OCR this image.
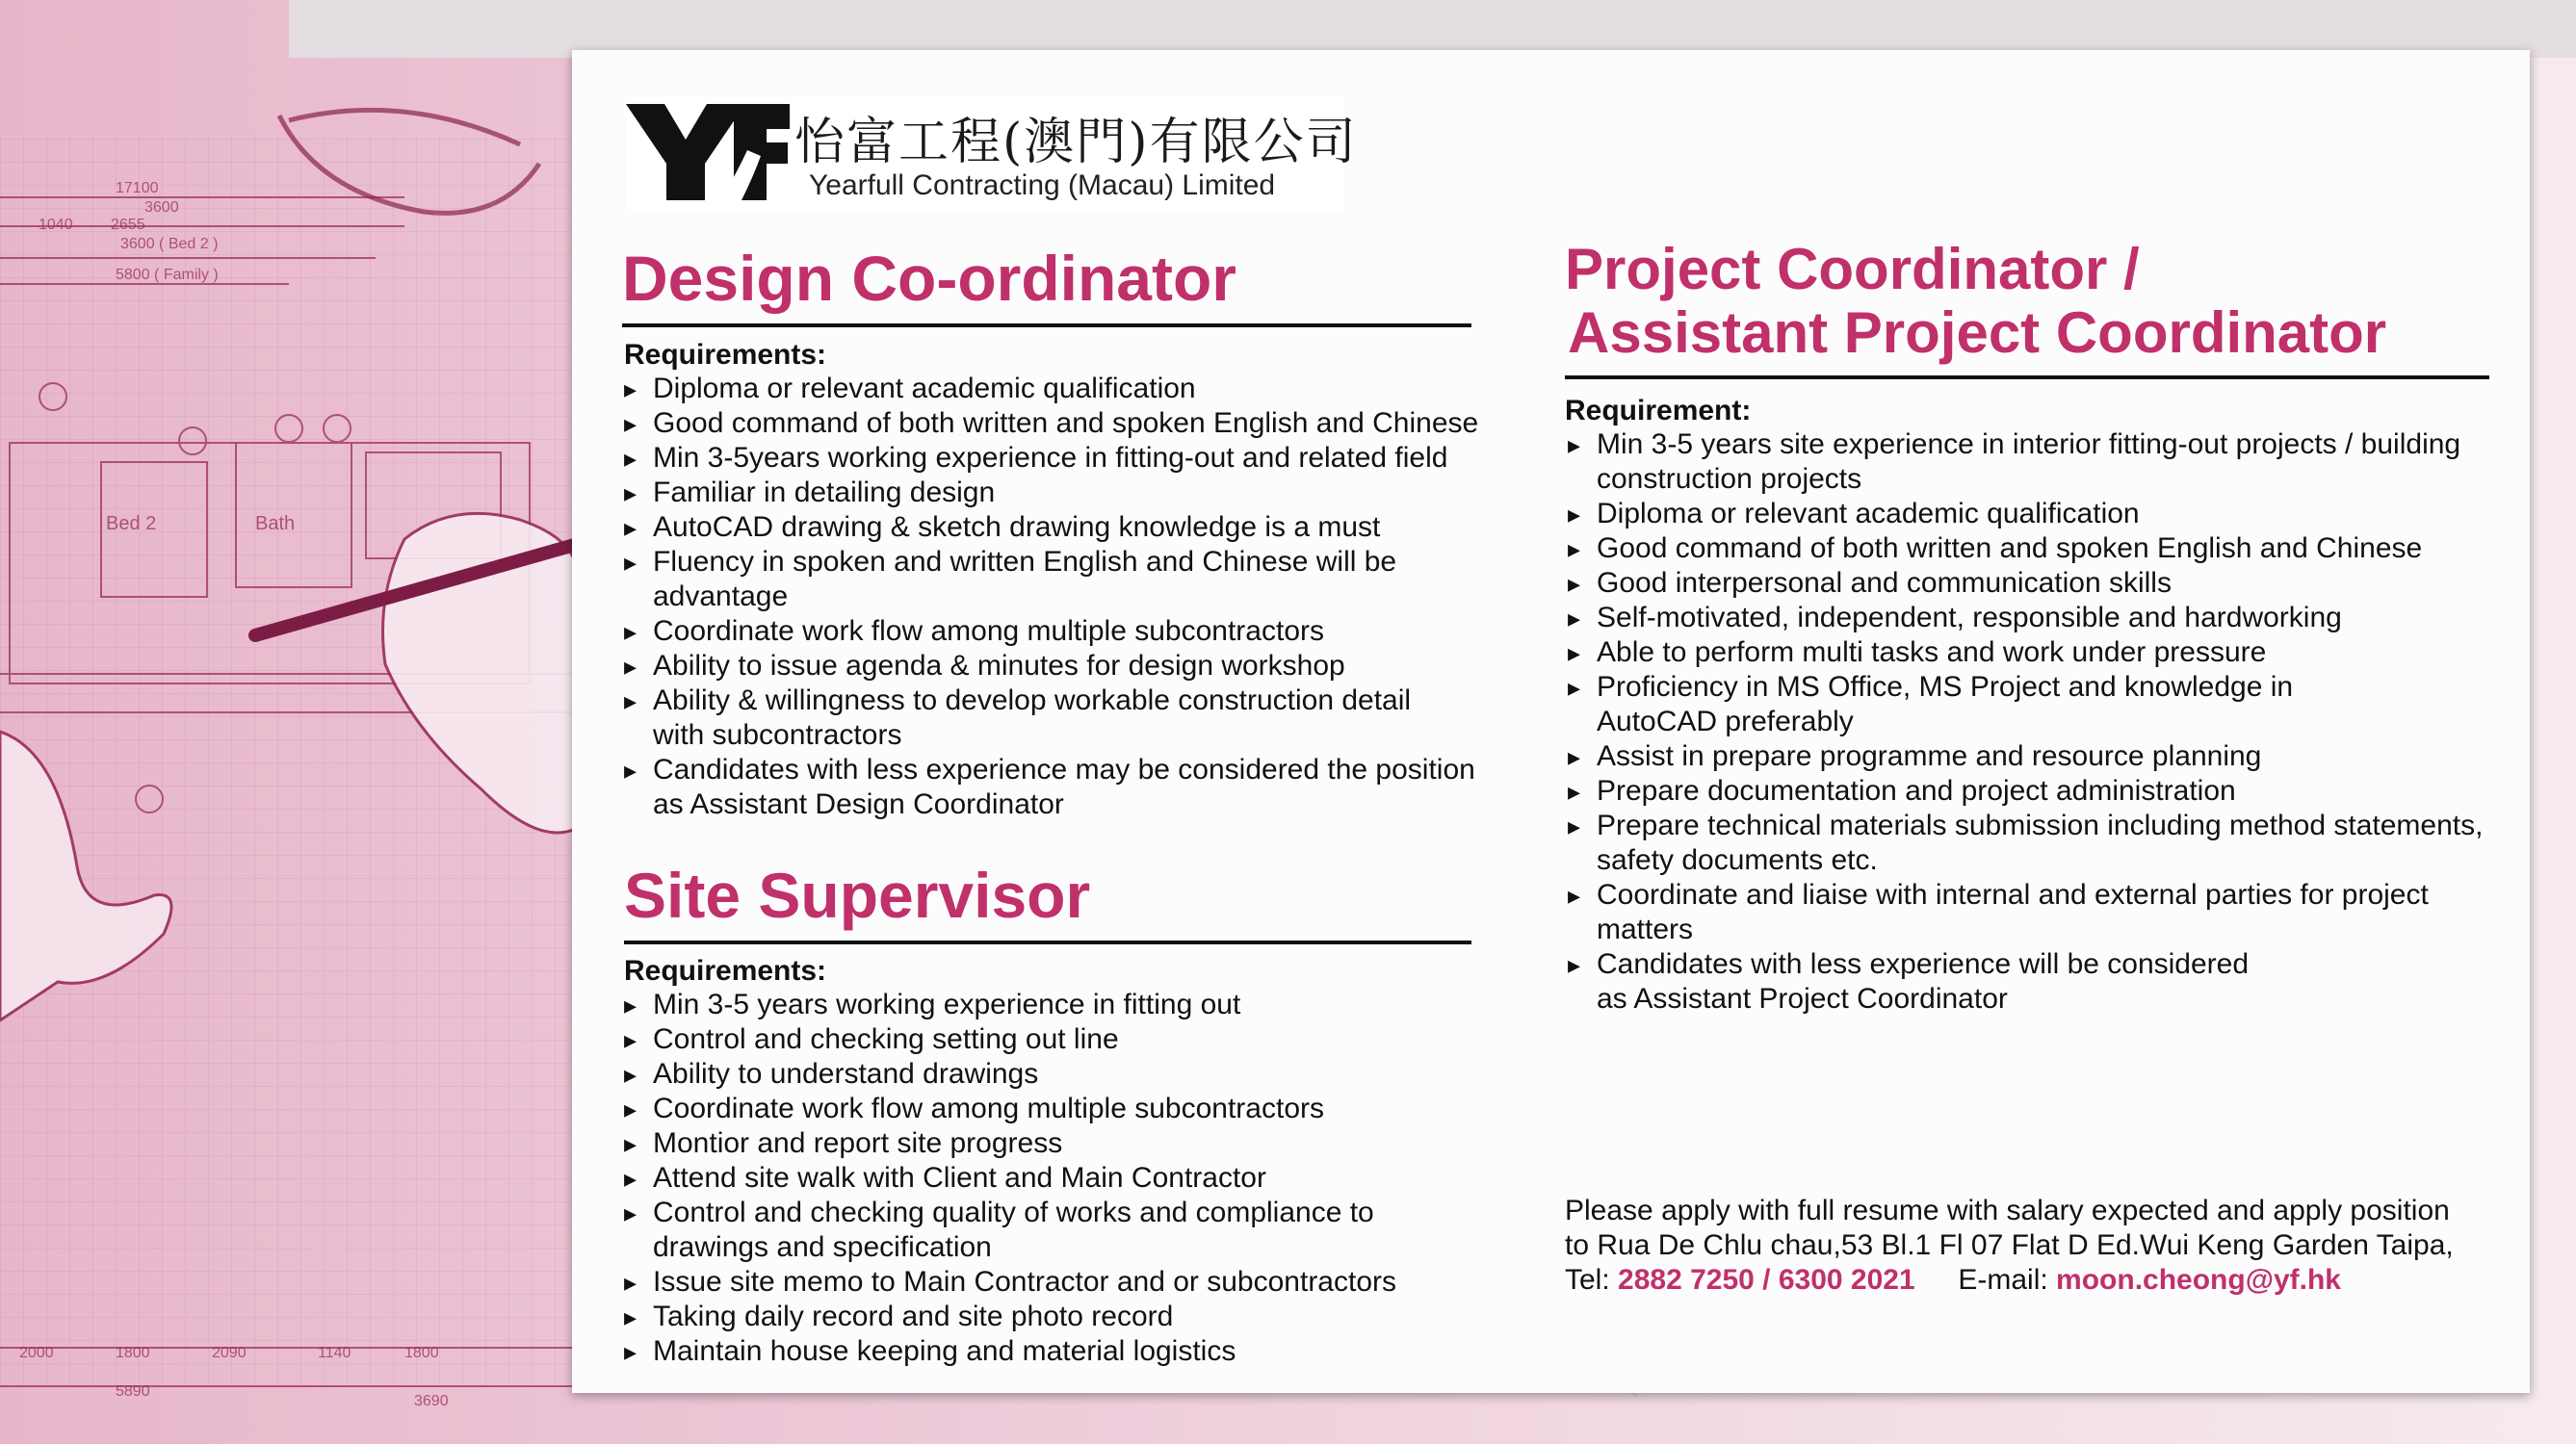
17100
3600
1040 2655
3600 ( Bed 2 )
5800 ( Family )
Bed 2	Bath
2000	1800	2090	1140	1800
5890
3690
怡富工程(澳門)有限公司
Yearfull Contracting (Macau) Limited
Design Co-ordinator
Requirements:
▸ Diploma or relevant academic qualification
▸ Good command of both written and spoken English and Chinese
▸ Min 3-5years working experience in fitting-out and related field
▸ Familiar in detailing design
▸ AutoCAD drawing & sketch drawing knowledge is a must
▸ Fluency in spoken and written English and Chinese will be
advantage
▸ Coordinate work flow among multiple subcontractors
▸ Ability to issue agenda & minutes for design workshop
▸ Ability & willingness to develop workable construction detail
with subcontractors
▸ Candidates with less experience may be considered the position
as Assistant Design Coordinator
Site Supervisor
Requirements:
▸ Min 3-5 years working experience in fitting out
▸ Control and checking setting out line
▸ Ability to understand drawings
▸ Coordinate work flow among multiple subcontractors
▸ Montior and report site progress
▸ Attend site walk with Client and Main Contractor
▸ Control and checking quality of works and compliance to
drawings and specification
▸ Issue site memo to Main Contractor and or subcontractors
▸ Taking daily record and site photo record
▸ Maintain house keeping and material logistics
Project Coordinator /
Assistant Project Coordinator
Requirement:
▸ Min 3-5 years site experience in interior fitting-out projects / building
construction projects
▸ Diploma or relevant academic qualification
▸ Good command of both written and spoken English and Chinese
▸ Good interpersonal and communication skills
▸ Self-motivated, independent, responsible and hardworking
▸ Able to perform multi tasks and work under pressure
▸ Proficiency in MS Office, MS Project and knowledge in
AutoCAD preferably
▸ Assist in prepare programme and resource planning
▸ Prepare documentation and project administration
▸ Prepare technical materials submission including method statements,
safety documents etc.
▸ Coordinate and liaise with internal and external parties for project
matters
▸ Candidates with less experience will be considered
as Assistant Project Coordinator
Please apply with full resume with salary expected and apply position
to Rua De Chlu chau,53 Bl.1 Fl 07 Flat D Ed.Wui Keng Garden Taipa,
Tel: 2882 7250 / 6300 2021 E-mail: moon.cheong@yf.hk
